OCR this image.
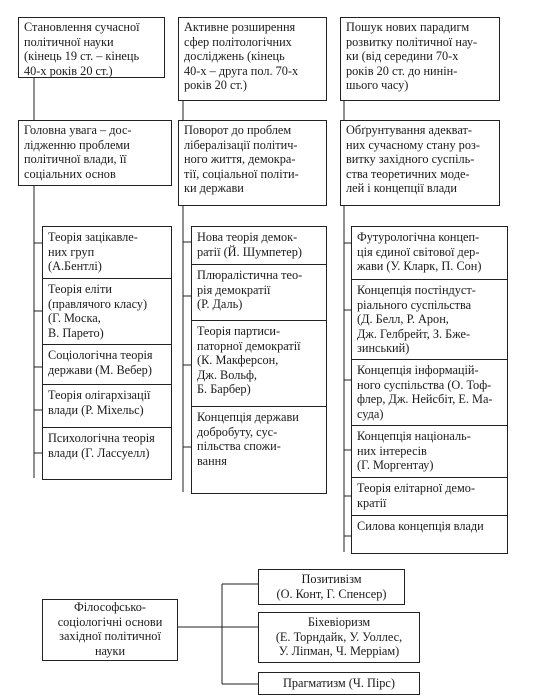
Становлення сучасної
політичної науки
(кінець 19 ст. – кінець
40-х років 20 ст.)
Головна увага – дос-
лідженню проблеми
політичної влади, її
соціальних основ
Теорія зацікавле-
них груп
(А.Бентлі)
Теорія еліти
(правлячого класу)
(Г. Моска,
В. Парето)
Соціологічна теорія
держави (М. Вебер)
Теорія олігархізації
влади (Р. Міхельс)
Психологічна теорія
влади (Г. Лассуелл)
Активне розширення
сфер політологічних
досліджень (кінець
40-х – друга пол. 70-х
років 20 ст.)
Поворот до проблем
лібералізації політич-
ного життя, демокра-
тії, соціальної політи-
ки держави
Нова теорія демок-
ратії (Й. Шумпетер)
Плюралістична тео-
рія демократії
(Р. Даль)
Теорія партиси-
паторної демократії
(К. Макферсон,
Дж. Вольф,
Б. Барбер)
Концепція держави
добробуту, сус-
пільства спожи-
вання
Пошук нових парадигм
розвитку політичної нау-
ки (від середини 70-х
років 20 ст. до нинін-
шього часу)
Обґрунтування адекват-
них сучасному стану роз-
витку західного суспіль-
ства теоретичних моде-
лей і концепції влади
Футурологічна концеп-
ція єдиної світової дер-
жави (У. Кларк, П. Сон)
Концепція постіндуст-
ріального суспільства
(Д. Белл, Р. Арон,
Дж. Гелбрейт, З. Бже-
зинський)
Концепція інформацій-
ного суспільства (О. Тоф-
флер, Дж. Нейсбіт, Е. Ма-
суда)
Концепція національ-
них інтересів
(Г. Моргентау)
Теорія елітарної демо-
кратії
Силова концепція влади
Філософсько-
соціологічні основи
західної політичної
науки
Позитивізм
(О. Конт, Г. Спенсер)
Біхевіоризм
(Е. Торндайк, У. Уоллес,
У. Ліпман, Ч. Мерріам)
Прагматизм (Ч. Пірс)
